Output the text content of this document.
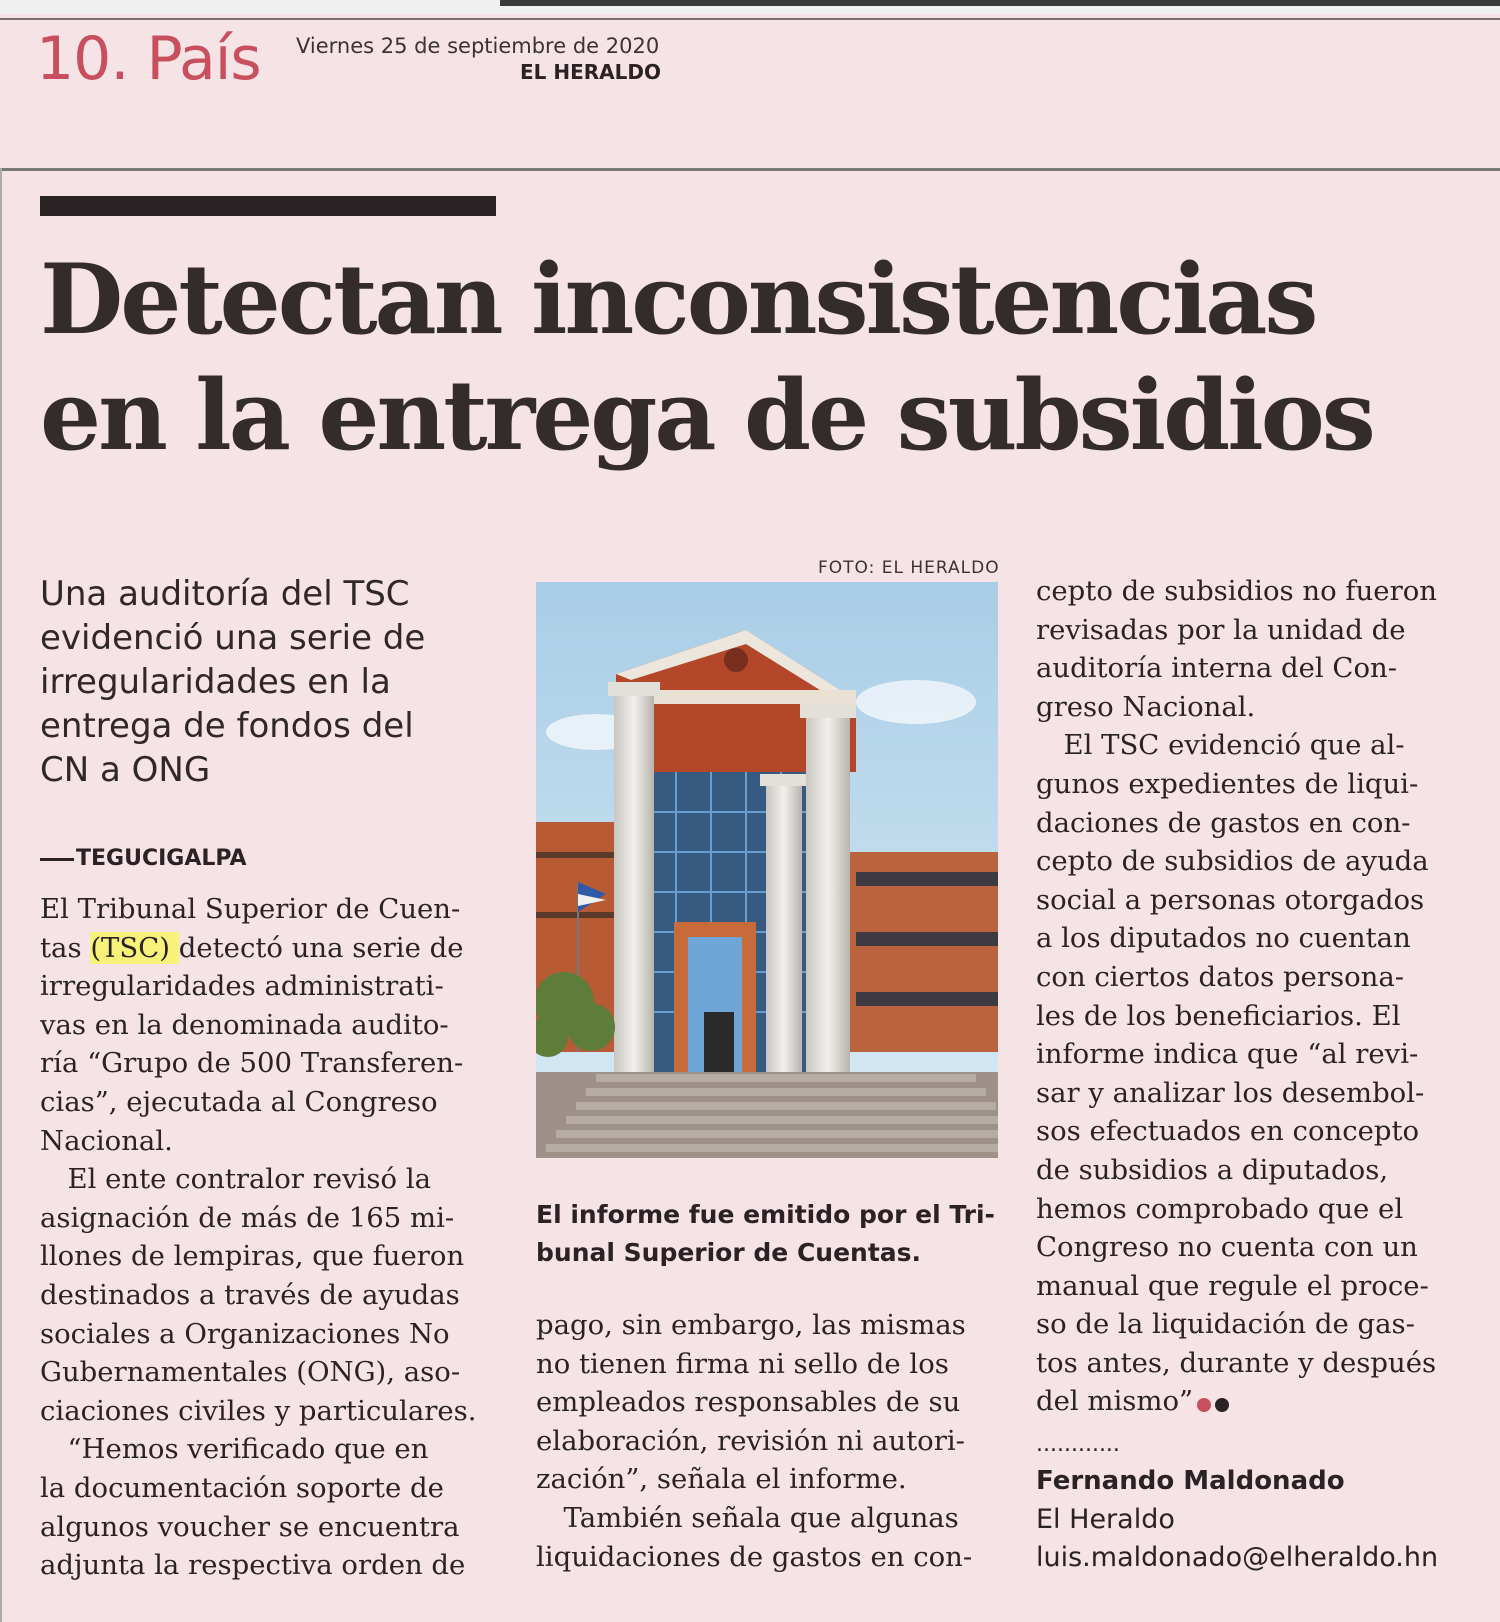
10. País Viernes 25 de septiembre de 2020
EL HERALDO
Detectan inconsistencias
en la entrega de subsidios
Una auditoría del TSC
evidenció una serie de
irregularidades en la
entrega de fondos del
CN a ONG
TEGUCIGALPA
El Tribunal Superior de Cuen-
tas (TSC) detectó una serie de
irregularidades administrati-
vas en la denominada audito-
ría “Grupo de 500 Transferen-
cias”, ejecutada al Congreso
Nacional.
 El ente contralor revisó la
asignación de más de 165 mi-
llones de lempiras, que fueron
destinados a través de ayudas
sociales a Organizaciones No
Gubernamentales (ONG), aso-
ciaciones civiles y particulares.
 “Hemos verificado que en
la documentación soporte de
algunos voucher se encuentra
adjunta la respectiva orden de
FOTO: EL HERALDO
El informe fue emitido por el Tri-
bunal Superior de Cuentas.
pago, sin embargo, las mismas
no tienen firma ni sello de los
empleados responsables de su
elaboración, revisión ni autori-
zación”, señala el informe.
 También señala que algunas
liquidaciones de gastos en con-
cepto de subsidios no fueron
revisadas por la unidad de
auditoría interna del Con-
greso Nacional.
 El TSC evidenció que al-
gunos expedientes de liqui-
daciones de gastos en con-
cepto de subsidios de ayuda
social a personas otorgados
a los diputados no cuentan
con ciertos datos persona-
les de los beneficiarios. El
informe indica que “al revi-
sar y analizar los desembol-
sos efectuados en concepto
de subsidios a diputados,
hemos comprobado que el
Congreso no cuenta con un
manual que regule el proce-
so de la liquidación de gas-
tos antes, durante y después
del mismo”
............
Fernando Maldonado
El Heraldo
luis.maldonado@elheraldo.hn
